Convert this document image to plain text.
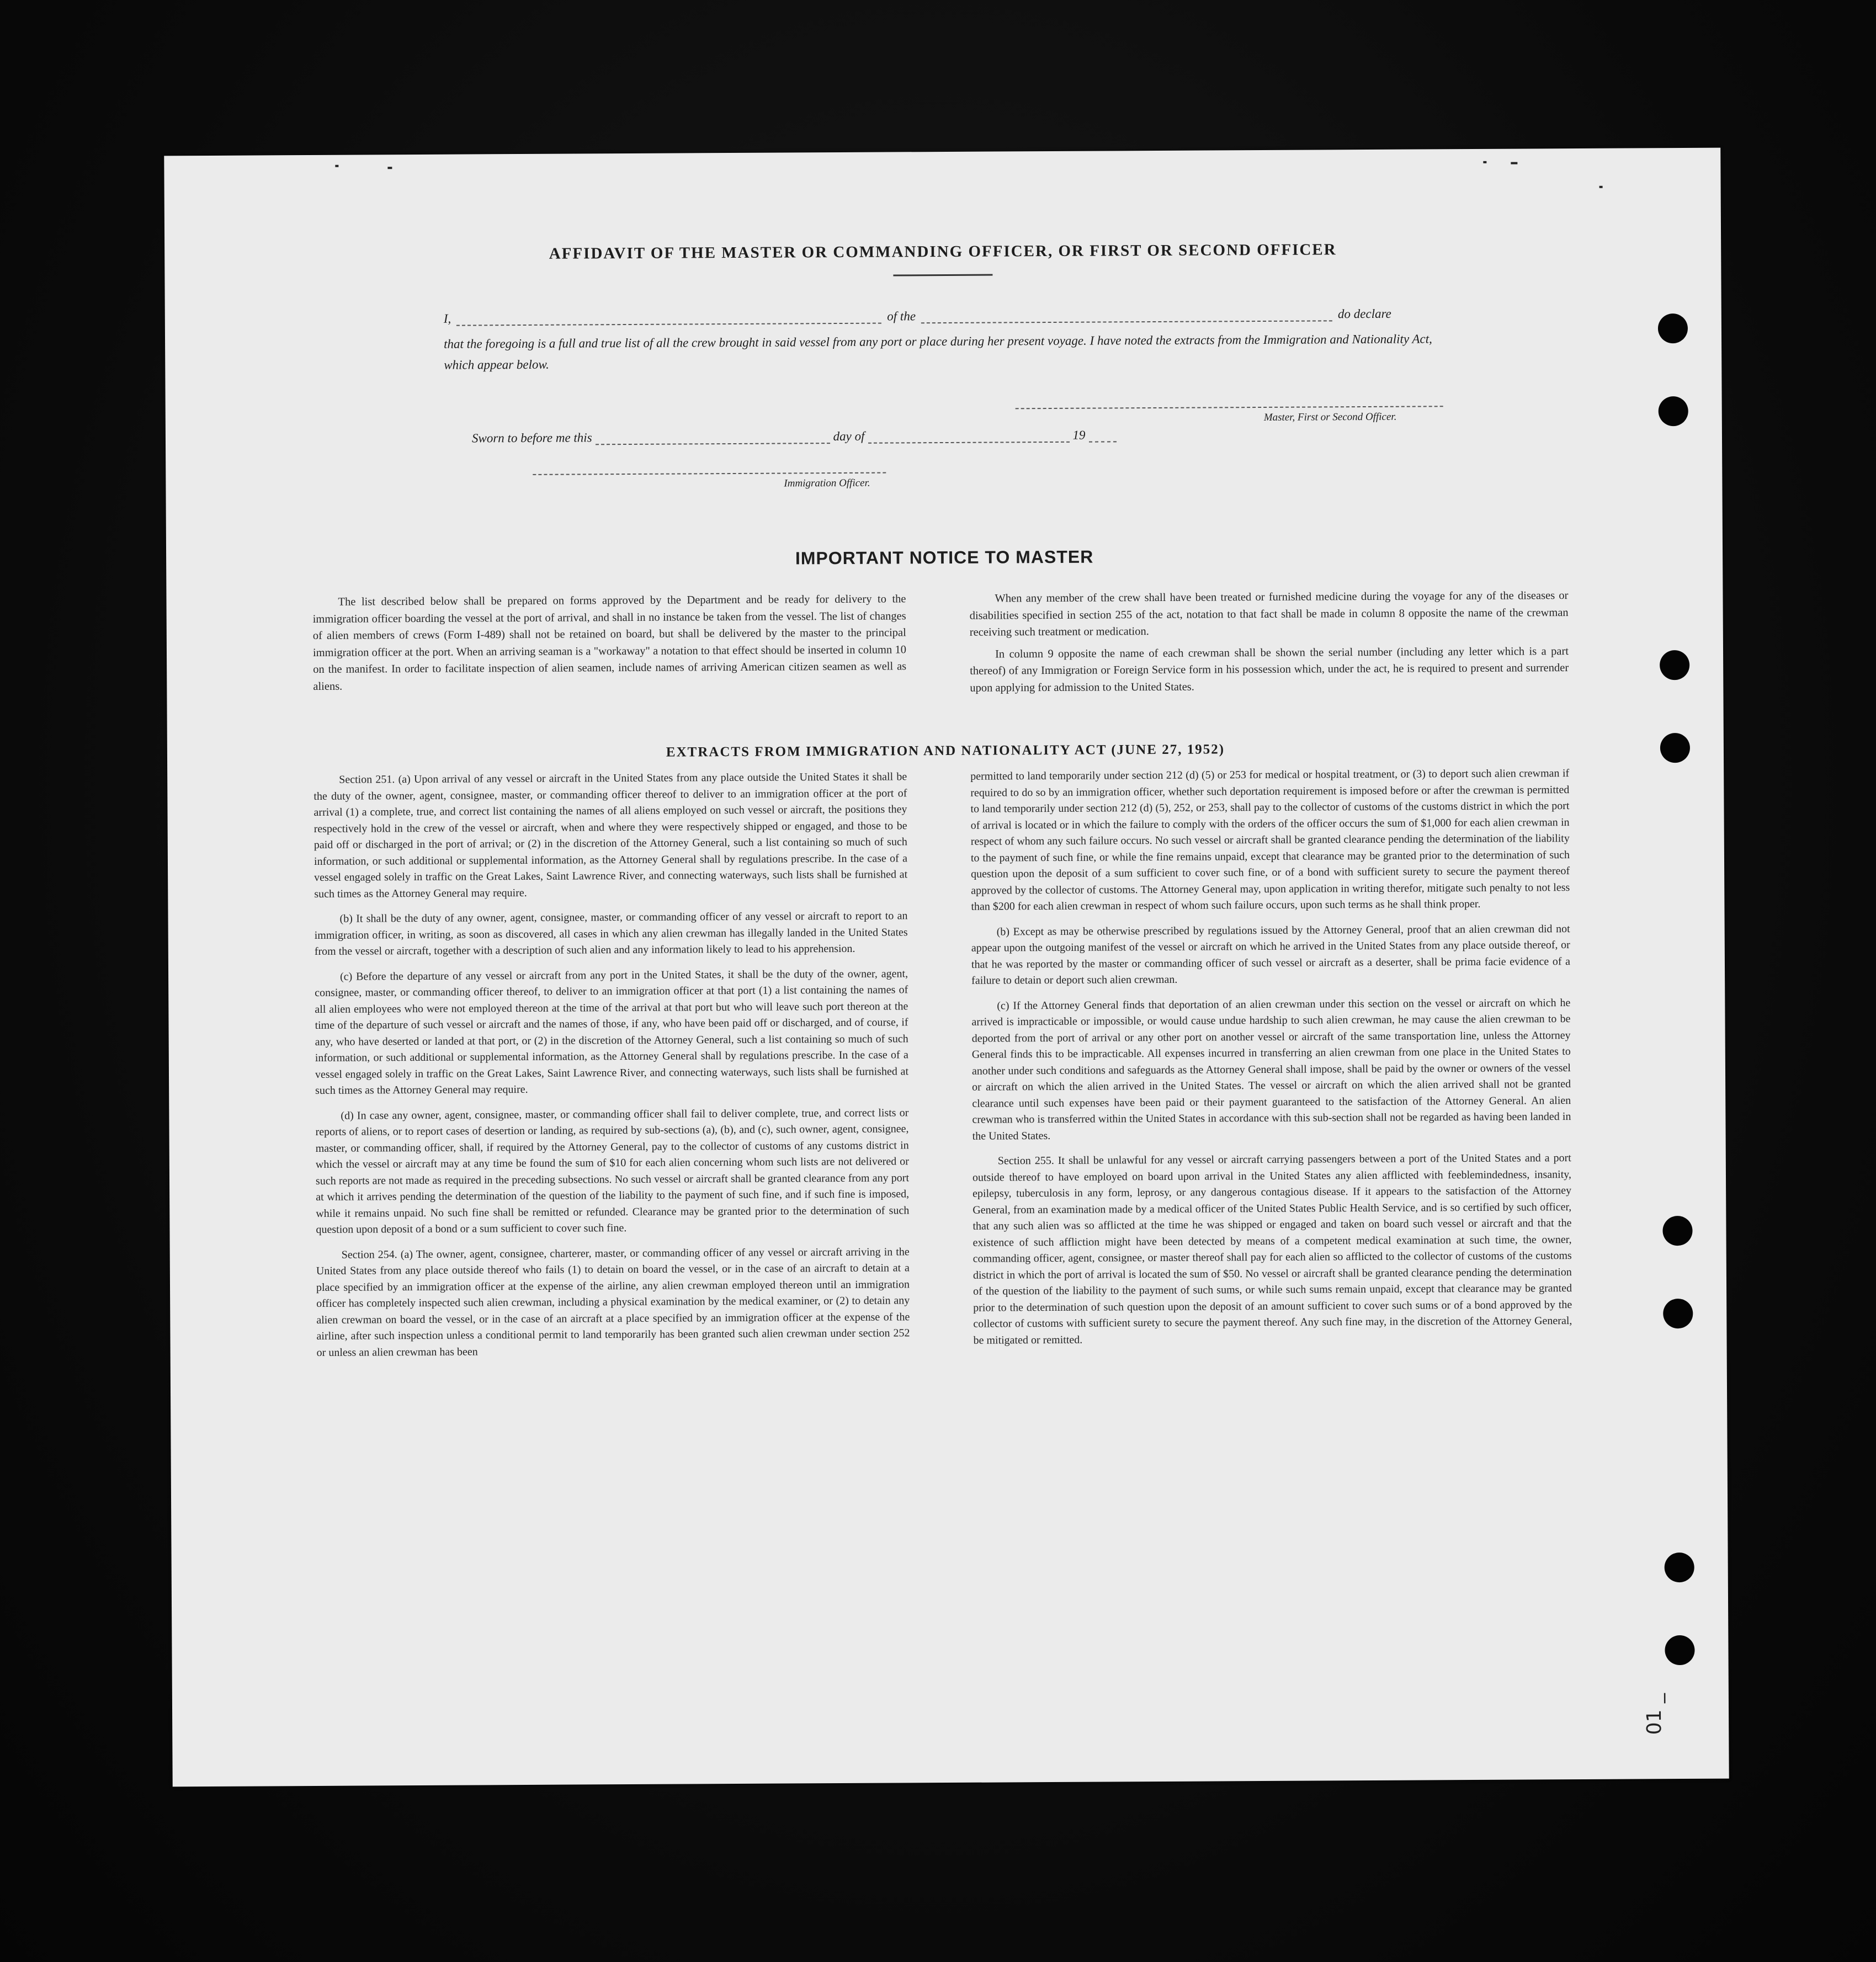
AFFIDAVIT OF THE MASTER OR COMMANDING OFFICER, OR FIRST OR SECOND OFFICER
I,	of the	do declare
that the foregoing is a full and true list of all the crew brought in said vessel from any port or place during her present voyage. I have noted the extracts from the Immigration and Nationality Act, which appear below.
Master, First or Second Officer.
Sworn to before me this	day of	19
Immigration Officer.
IMPORTANT NOTICE TO MASTER

The list described below shall be prepared on forms approved by the Department and be ready for delivery to the immigration officer boarding the vessel at the port of arrival, and shall in no instance be taken from the vessel. The list of changes of alien members of crews (Form I-489) shall not be retained on board, but shall be delivered by the master to the principal immigration officer at the port. When an arriving seaman is a "workaway" a notation to that effect should be inserted in column 10 on the manifest. In order to facilitate inspection of alien seamen, include names of arriving American citizen seamen as well as aliens.

When any member of the crew shall have been treated or furnished medicine during the voyage for any of the diseases or disabilities specified in section 255 of the act, notation to that fact shall be made in column 8 opposite the name of the crewman receiving such treatment or medication.

In column 9 opposite the name of each crewman shall be shown the serial number (including any letter which is a part thereof) of any Immigration or Foreign Service form in his possession which, under the act, he is required to present and surrender upon applying for admission to the United States.

EXTRACTS FROM IMMIGRATION AND NATIONALITY ACT (JUNE 27, 1952)

Section 251. (a) Upon arrival of any vessel or aircraft in the United States from any place outside the United States it shall be the duty of the owner, agent, consignee, master, or commanding officer thereof to deliver to an immigration officer at the port of arrival (1) a complete, true, and correct list containing the names of all aliens employed on such vessel or aircraft, the positions they respectively hold in the crew of the vessel or aircraft, when and where they were respectively shipped or engaged, and those to be paid off or discharged in the port of arrival; or (2) in the discretion of the Attorney General, such a list containing so much of such information, or such additional or supplemental information, as the Attorney General shall by regulations prescribe. In the case of a vessel engaged solely in traffic on the Great Lakes, Saint Lawrence River, and connecting waterways, such lists shall be furnished at such times as the Attorney General may require.

(b) It shall be the duty of any owner, agent, consignee, master, or commanding officer of any vessel or aircraft to report to an immigration officer, in writing, as soon as discovered, all cases in which any alien crewman has illegally landed in the United States from the vessel or aircraft, together with a description of such alien and any information likely to lead to his apprehension.

(c) Before the departure of any vessel or aircraft from any port in the United States, it shall be the duty of the owner, agent, consignee, master, or commanding officer thereof, to deliver to an immigration officer at that port (1) a list containing the names of all alien employees who were not employed thereon at the time of the arrival at that port but who will leave such port thereon at the time of the departure of such vessel or aircraft and the names of those, if any, who have been paid off or discharged, and of course, if any, who have deserted or landed at that port, or (2) in the discretion of the Attorney General, such a list containing so much of such information, or such additional or supplemental information, as the Attorney General shall by regulations prescribe. In the case of a vessel engaged solely in traffic on the Great Lakes, Saint Lawrence River, and connecting waterways, such lists shall be furnished at such times as the Attorney General may require.

(d) In case any owner, agent, consignee, master, or commanding officer shall fail to deliver complete, true, and correct lists or reports of aliens, or to report cases of desertion or landing, as required by sub-sections (a), (b), and (c), such owner, agent, consignee, master, or commanding officer, shall, if required by the Attorney General, pay to the collector of customs of any customs district in which the vessel or aircraft may at any time be found the sum of $10 for each alien concerning whom such lists are not delivered or such reports are not made as required in the preceding subsections. No such vessel or aircraft shall be granted clearance from any port at which it arrives pending the determination of the question of the liability to the payment of such fine, and if such fine is imposed, while it remains unpaid. No such fine shall be remitted or refunded. Clearance may be granted prior to the determination of such question upon deposit of a bond or a sum sufficient to cover such fine.

Section 254. (a) The owner, agent, consignee, charterer, master, or commanding officer of any vessel or aircraft arriving in the United States from any place outside thereof who fails (1) to detain on board the vessel, or in the case of an aircraft to detain at a place specified by an immigration officer at the expense of the airline, any alien crewman employed thereon until an immigration officer has completely inspected such alien crewman, including a physical examination by the medical examiner, or (2) to detain any alien crewman on board the vessel, or in the case of an aircraft at a place specified by an immigration officer at the expense of the airline, after such inspection unless a conditional permit to land temporarily has been granted such alien crewman under section 252 or unless an alien crewman has been

permitted to land temporarily under section 212 (d) (5) or 253 for medical or hospital treatment, or (3) to deport such alien crewman if required to do so by an immigration officer, whether such deportation requirement is imposed before or after the crewman is permitted to land temporarily under section 212 (d) (5), 252, or 253, shall pay to the collector of customs of the customs district in which the port of arrival is located or in which the failure to comply with the orders of the officer occurs the sum of $1,000 for each alien crewman in respect of whom any such failure occurs. No such vessel or aircraft shall be granted clearance pending the determination of the liability to the payment of such fine, or while the fine remains unpaid, except that clearance may be granted prior to the determination of such question upon the deposit of a sum sufficient to cover such fine, or of a bond with sufficient surety to secure the payment thereof approved by the collector of customs. The Attorney General may, upon application in writing therefor, mitigate such penalty to not less than $200 for each alien crewman in respect of whom such failure occurs, upon such terms as he shall think proper.

(b) Except as may be otherwise prescribed by regulations issued by the Attorney General, proof that an alien crewman did not appear upon the outgoing manifest of the vessel or aircraft on which he arrived in the United States from any place outside thereof, or that he was reported by the master or commanding officer of such vessel or aircraft as a deserter, shall be prima facie evidence of a failure to detain or deport such alien crewman.

(c) If the Attorney General finds that deportation of an alien crewman under this section on the vessel or aircraft on which he arrived is impracticable or impossible, or would cause undue hardship to such alien crewman, he may cause the alien crewman to be deported from the port of arrival or any other port on another vessel or aircraft of the same transportation line, unless the Attorney General finds this to be impracticable. All expenses incurred in transferring an alien crewman from one place in the United States to another under such conditions and safeguards as the Attorney General shall impose, shall be paid by the owner or owners of the vessel or aircraft on which the alien arrived in the United States. The vessel or aircraft on which the alien arrived shall not be granted clearance until such expenses have been paid or their payment guaranteed to the satisfaction of the Attorney General. An alien crewman who is transferred within the United States in accordance with this sub-section shall not be regarded as having been landed in the United States.

Section 255. It shall be unlawful for any vessel or aircraft carrying passengers between a port of the United States and a port outside thereof to have employed on board upon arrival in the United States any alien afflicted with feeblemindedness, insanity, epilepsy, tuberculosis in any form, leprosy, or any dangerous contagious disease. If it appears to the satisfaction of the Attorney General, from an examination made by a medical officer of the United States Public Health Service, and is so certified by such officer, that any such alien was so afflicted at the time he was shipped or engaged and taken on board such vessel or aircraft and that the existence of such affliction might have been detected by means of a competent medical examination at such time, the owner, commanding officer, agent, consignee, or master thereof shall pay for each alien so afflicted to the collector of customs of the customs district in which the port of arrival is located the sum of $50. No vessel or aircraft shall be granted clearance pending the determination of the question of the liability to the payment of such sums, or while such sums remain unpaid, except that clearance may be granted prior to the determination of such question upon the deposit of an amount sufficient to cover such sums or of a bond approved by the collector of customs with sufficient surety to secure the payment thereof. Any such fine may, in the discretion of the Attorney General, be mitigated or remitted.

01 _
